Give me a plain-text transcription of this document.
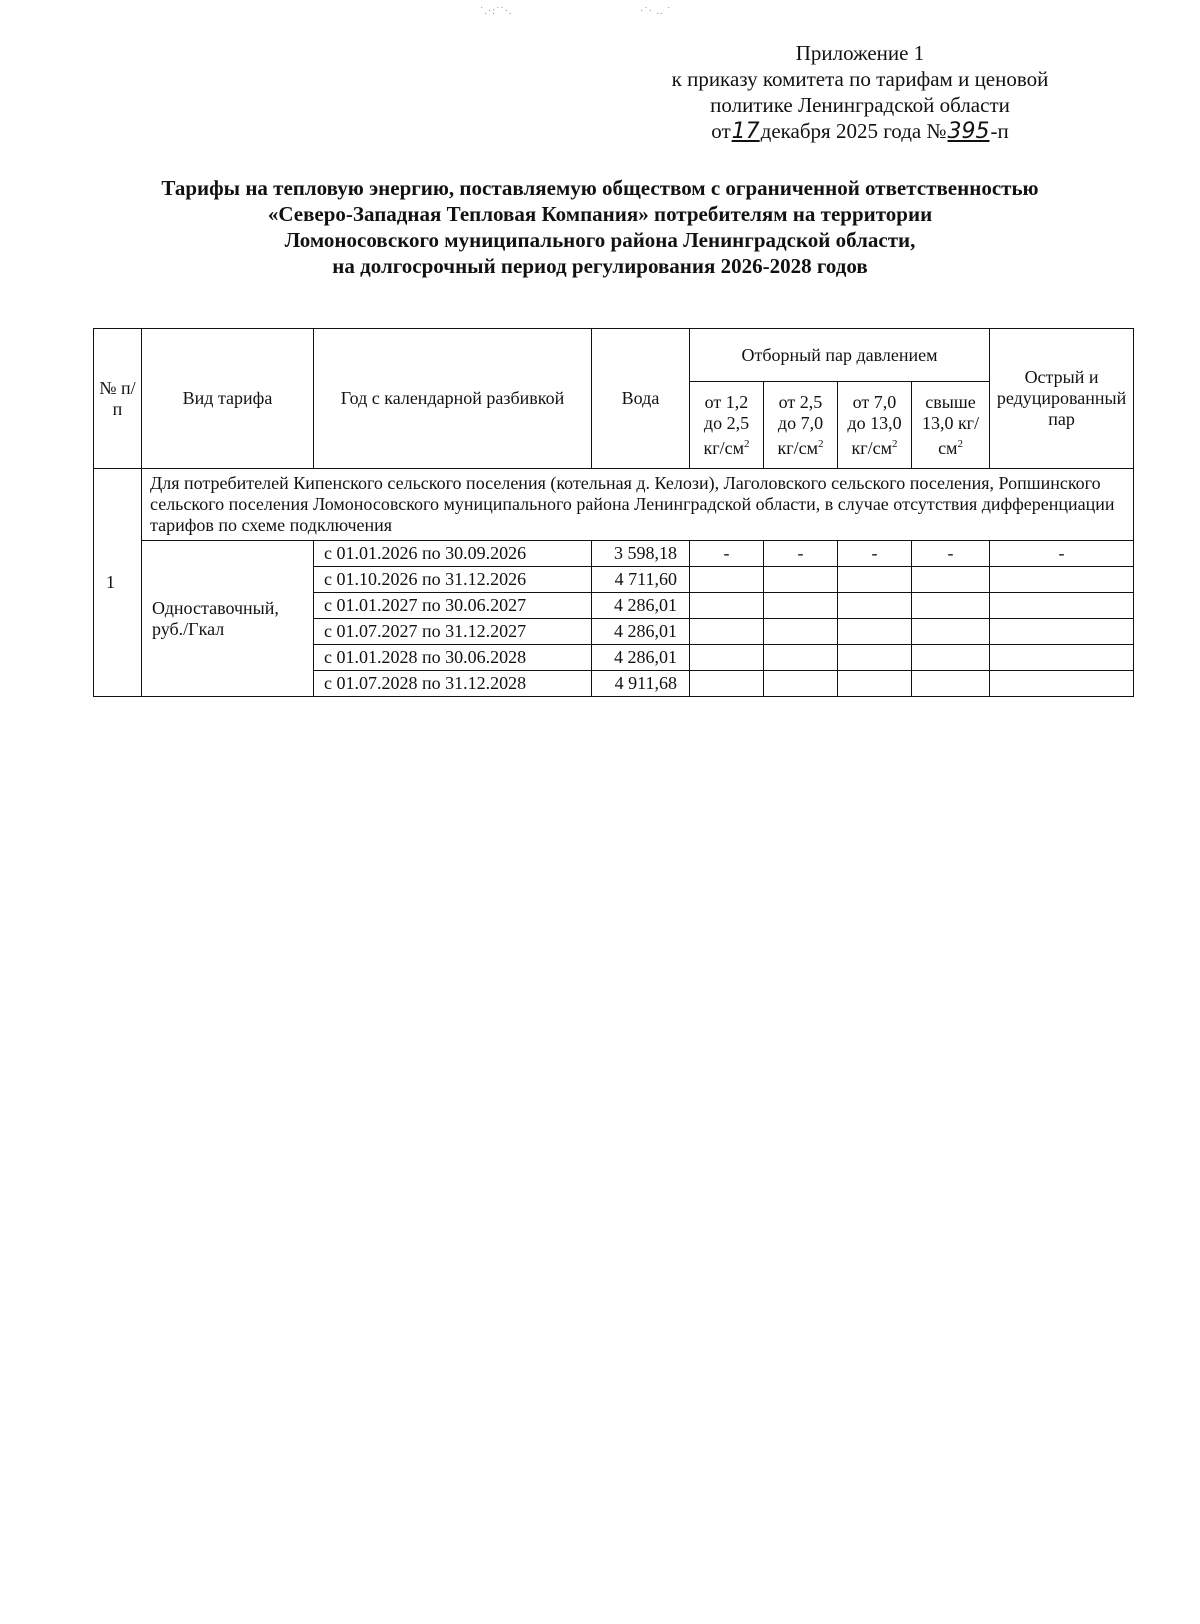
˙.·:˙˙·.	·˙· .. ˙
Приложение 1
к приказу комитета по тарифам и ценовой
политике Ленинградской области
от17декабря 2025 года №395-п
Тарифы на тепловую энергию, поставляемую обществом с ограниченной ответственностью
«Северо-Западная Тепловая Компания» потребителям на территории
Ломоносовского муниципального района Ленинградской области,
на долгосрочный период регулирования 2026-2028 годов
№ п/п	Вид тарифа	Год с календарной разбивкой	Вода	Отборный пар давлением				Острый и редуцированный пар
				от 1,2 до 2,5 $кг/см^2$	от 2,5 до 7,0 $кг/см^2$	от 7,0 до 13,0 $кг/см^2$	свыше 13,0 $кг/см^2$
1	Для потребителей Кипенского сельского поселения (котельная д. Келози), Лаголовского сельского поселения, Ропшинского сельского поселения Ломоносовского муниципального района Ленинградской области, в случае отсутствия дифференциации тарифов по схеме подключения							
	Одноставочный, руб./Гкал	с 01.01.2026 по 30.09.2026	3 598,18	-	-	-	-	-
		с 01.10.2026 по 31.12.2026	4 711,60					
		с 01.01.2027 по 30.06.2027	4 286,01					
		с 01.07.2027 по 31.12.2027	4 286,01					
		с 01.01.2028 по 30.06.2028	4 286,01					
		с 01.07.2028 по 31.12.2028	4 911,68					
